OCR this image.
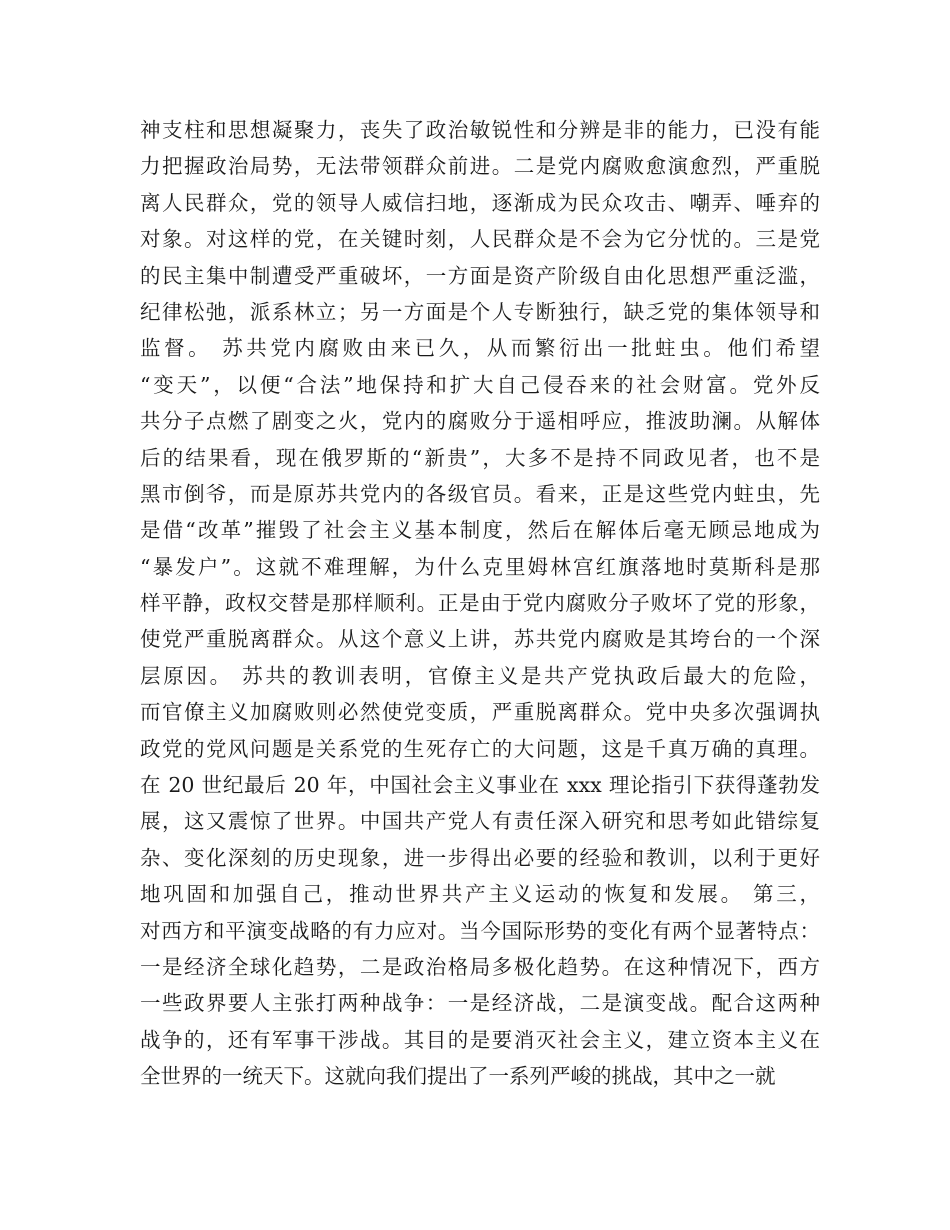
神支柱和思想凝聚力，丧失了政治敏锐性和分辨是非的能力，已没有能
力把握政治局势，无法带领群众前进。二是党内腐败愈演愈烈，严重脱
离人民群众，党的领导人威信扫地，逐渐成为民众攻击、嘲弄、唾弃的
对象。对这样的党，在关键时刻，人民群众是不会为它分忧的。三是党
的民主集中制遭受严重破坏，一方面是资产阶级自由化思想严重泛滥，
纪律松弛，派系林立；另一方面是个人专断独行，缺乏党的集体领导和
监督。 苏共党内腐败由来已久，从而繁衍出一批蛀虫。他们希望
“变天”，以便“合法”地保持和扩大自己侵吞来的社会财富。党外反
共分子点燃了剧变之火，党内的腐败分于遥相呼应，推波助澜。从解体
后的结果看，现在俄罗斯的“新贵”，大多不是持不同政见者，也不是
黑市倒爷，而是原苏共党内的各级官员。看来，正是这些党内蛀虫，先
是借“改革”摧毁了社会主义基本制度，然后在解体后毫无顾忌地成为
“暴发户”。这就不难理解，为什么克里姆林宫红旗落地时莫斯科是那
样平静，政权交替是那样顺利。正是由于党内腐败分子败坏了党的形象，
使党严重脱离群众。从这个意义上讲，苏共党内腐败是其垮台的一个深
层原因。 苏共的教训表明，官僚主义是共产党执政后最大的危险，
而官僚主义加腐败则必然使党变质，严重脱离群众。党中央多次强调执
政党的党风问题是关系党的生死存亡的大问题，这是千真万确的真理。
在 20 世纪最后 20 年，中国社会主义事业在 xxx 理论指引下获得蓬勃发
展，这又震惊了世界。中国共产党人有责任深入研究和思考如此错综复
杂、变化深刻的历史现象，进一步得出必要的经验和教训，以利于更好
地巩固和加强自己，推动世界共产主义运动的恢复和发展。 第三，
对西方和平演变战略的有力应对。当今国际形势的变化有两个显著特点：
一是经济全球化趋势，二是政治格局多极化趋势。在这种情况下，西方
一些政界要人主张打两种战争：一是经济战，二是演变战。配合这两种
战争的，还有军事干涉战。其目的是要消灭社会主义，建立资本主义在
全世界的一统天下。这就向我们提出了一系列严峻的挑战，其中之一就
